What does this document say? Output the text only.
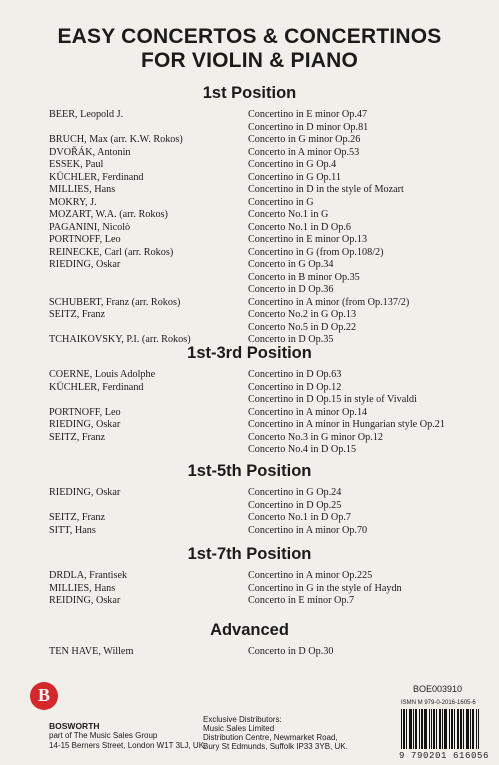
EASY CONCERTOS & CONCERTINOS
FOR VIOLIN & PIANO
1st Position
BEER, Leopold J.	Concertino in E minor Op.47
Concertino in D minor Op.81
BRUCH, Max (arr. K.W. Rokos)	Concerto in G minor Op.26
DVOŘÁK, Antonin	Concerto in A minor Op.53
ESSEK, Paul	Concertino in G Op.4
KÜCHLER, Ferdinand	Concertino in G Op.11
MILLIES, Hans	Concertino in D in the style of Mozart
MOKRY, J.	Concertino in G
MOZART, W.A. (arr. Rokos)	Concerto No.1 in G
PAGANINI, Nicolò	Concerto No.1 in D Op.6
PORTNOFF, Leo	Concertino in E minor Op.13
REINECKE, Carl (arr. Rokos)	Concertino in G (from Op.108/2)
RIEDING, Oskar	Concerto in G Op.34
Concerto in B minor Op.35
Concerto in D Op.36
SCHUBERT, Franz (arr. Rokos)	Concertino in A minor (from Op.137/2)
SEITZ, Franz	Concerto No.2 in G Op.13
Concerto No.5 in D Op.22
TCHAIKOVSKY, P.I. (arr. Rokos)	Concerto in D Op.35
1st-3rd Position
COERNE, Louis Adolphe	Concertino in D Op.63
KÜCHLER, Ferdinand	Concertino in D Op.12
Concertino in D Op.15 in style of Vivaldi
PORTNOFF, Leo	Concertino in A minor Op.14
RIEDING, Oskar	Concertino in A minor in Hungarian style Op.21
SEITZ, Franz	Concerto No.3 in G minor Op.12
Concerto No.4 in D Op.15
1st-5th Position
RIEDING, Oskar	Concertino in G Op.24
Concertino in D Op.25
SEITZ, Franz	Concerto No.1 in D Op.7
SITT, Hans	Concertino in A minor Op.70
1st-7th Position
DRDLA, Frantisek	Concertino in A minor Op.225
MILLIES, Hans	Concertino in G in the style of Haydn
REIDING, Oskar	Concerto in E minor Op.7
Advanced
TEN HAVE, Willem	Concerto in D Op.30
B
BOSWORTH
part of The Music Sales Group
14-15 Berners Street, London W1T 3LJ, UK.
Exclusive Distributors:
Music Sales Limited
Distribution Centre, Newmarket Road,
Bury St Edmunds, Suffolk IP33 3YB, UK.
BOE003910
ISMN M 979-0-2016-1605-6
9 790201 616056
